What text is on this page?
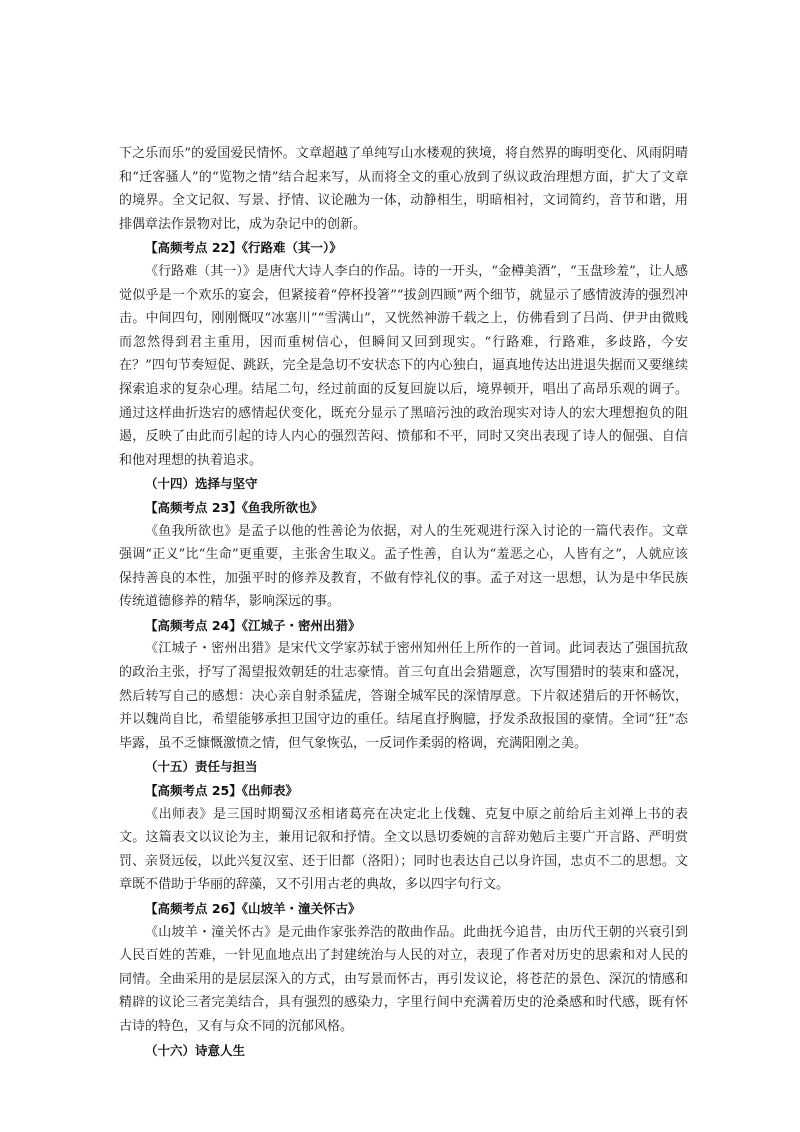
下之乐而乐”的爱国爱民情怀。文章超越了单纯写山水楼观的狭境，将自然界的晦明变化、风雨阴晴和“迁客骚人”的“览物之情”结合起来写，从而将全文的重心放到了纵议政治理想方面，扩大了文章的境界。全文记叙、写景、抒情、议论融为一体，动静相生，明暗相衬，文词简约，音节和谐，用排偶章法作景物对比，成为杂记中的创新。

【高频考点 22】《行路难（其一）》

《行路难（其一）》是唐代大诗人李白的作品。诗的一开头，“金樽美酒”，“玉盘珍羞”，让人感觉似乎是一个欢乐的宴会，但紧接着“停杯投箸”“拔剑四顾”两个细节，就显示了感情波涛的强烈冲击。中间四句，刚刚慨叹“冰塞川”“雪满山”，又恍然神游千载之上，仿佛看到了吕尚、伊尹由微贱而忽然得到君主重用，因而重树信心，但瞬间又回到现实。“行路难，行路难，多歧路，今安在？”四句节奏短促、跳跃，完全是急切不安状态下的内心独白，逼真地传达出进退失据而又要继续探索追求的复杂心理。结尾二句，经过前面的反复回旋以后，境界顿开，唱出了高昂乐观的调子。通过这样曲折迭宕的感情起伏变化，既充分显示了黑暗污浊的政治现实对诗人的宏大理想抱负的阻遏，反映了由此而引起的诗人内心的强烈苦闷、愤郁和不平，同时又突出表现了诗人的倔强、自信和他对理想的执着追求。

（十四）选择与坚守

【高频考点 23】《鱼我所欲也》

《鱼我所欲也》是孟子以他的性善论为依据，对人的生死观进行深入讨论的一篇代表作。文章强调“正义”比“生命”更重要，主张舍生取义。孟子性善，自认为“羞恶之心，人皆有之”，人就应该保持善良的本性，加强平时的修养及教育，不做有悖礼仪的事。孟子对这一思想，认为是中华民族传统道德修养的精华，影响深远的事。

【高频考点 24】《江城子・密州出猎》

《江城子・密州出猎》是宋代文学家苏轼于密州知州任上所作的一首词。此词表达了强国抗敌的政治主张，抒写了渴望报效朝廷的壮志豪情。首三句直出会猎题意，次写围猎时的装束和盛况，然后转写自己的感想：决心亲自射杀猛虎，答谢全城军民的深情厚意。下片叙述猎后的开怀畅饮，并以魏尚自比，希望能够承担卫国守边的重任。结尾直抒胸臆，抒发杀敌报国的豪情。全词“狂”态毕露，虽不乏慷慨激愤之情，但气象恢弘，一反词作柔弱的格调，充满阳刚之美。

（十五）责任与担当

【高频考点 25】《出师表》

《出师表》是三国时期蜀汉丞相诸葛亮在决定北上伐魏、克复中原之前给后主刘禅上书的表文。这篇表文以议论为主，兼用记叙和抒情。全文以恳切委婉的言辞劝勉后主要广开言路、严明赏罚、亲贤远佞，以此兴复汉室、还于旧都（洛阳）；同时也表达自己以身许国，忠贞不二的思想。文章既不借助于华丽的辞藻，又不引用古老的典故，多以四字句行文。

【高频考点 26】《山坡羊・潼关怀古》

《山坡羊・潼关怀古》是元曲作家张养浩的散曲作品。此曲抚今追昔，由历代王朝的兴衰引到人民百姓的苦难，一针见血地点出了封建统治与人民的对立，表现了作者对历史的思索和对人民的同情。全曲采用的是层层深入的方式，由写景而怀古，再引发议论，将苍茫的景色、深沉的情感和精辟的议论三者完美结合，具有强烈的感染力，字里行间中充满着历史的沧桑感和时代感，既有怀古诗的特色，又有与众不同的沉郁风格。

（十六）诗意人生
